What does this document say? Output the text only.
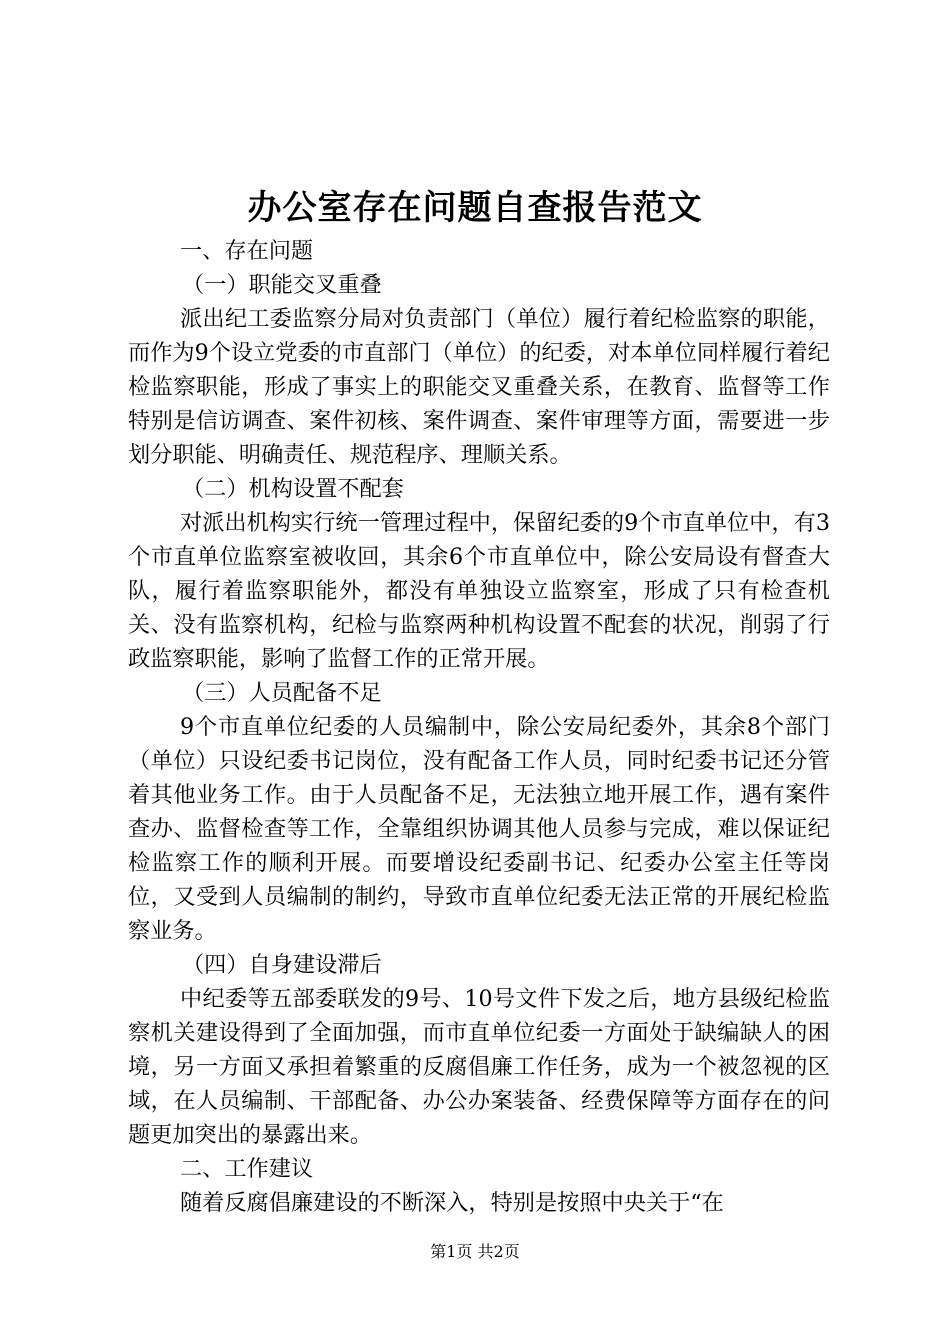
办公室存在问题自查报告范文

一、存在问题

（一）职能交叉重叠

派出纪工委监察分局对负责部门（单位）履行着纪检监察的职能，而作为9个设立党委的市直部门（单位）的纪委，对本单位同样履行着纪检监察职能，形成了事实上的职能交叉重叠关系，在教育、监督等工作特别是信访调查、案件初核、案件调查、案件审理等方面，需要进一步划分职能、明确责任、规范程序、理顺关系。

（二）机构设置不配套

对派出机构实行统一管理过程中，保留纪委的9个市直单位中，有3个市直单位监察室被收回，其余6个市直单位中，除公安局设有督查大队，履行着监察职能外，都没有单独设立监察室，形成了只有检查机关、没有监察机构，纪检与监察两种机构设置不配套的状况，削弱了行政监察职能，影响了监督工作的正常开展。

（三）人员配备不足

9个市直单位纪委的人员编制中，除公安局纪委外，其余8个部门（单位）只设纪委书记岗位，没有配备工作人员，同时纪委书记还分管着其他业务工作。由于人员配备不足，无法独立地开展工作，遇有案件查办、监督检查等工作，全靠组织协调其他人员参与完成，难以保证纪检监察工作的顺利开展。而要增设纪委副书记、纪委办公室主任等岗位，又受到人员编制的制约，导致市直单位纪委无法正常的开展纪检监察业务。

（四）自身建设滞后

中纪委等五部委联发的9号、10号文件下发之后，地方县级纪检监察机关建设得到了全面加强，而市直单位纪委一方面处于缺编缺人的困境，另一方面又承担着繁重的反腐倡廉工作任务，成为一个被忽视的区域，在人员编制、干部配备、办公办案装备、经费保障等方面存在的问题更加突出的暴露出来。

二、工作建议

随着反腐倡廉建设的不断深入，特别是按照中央关于“在

第1页 共2页
